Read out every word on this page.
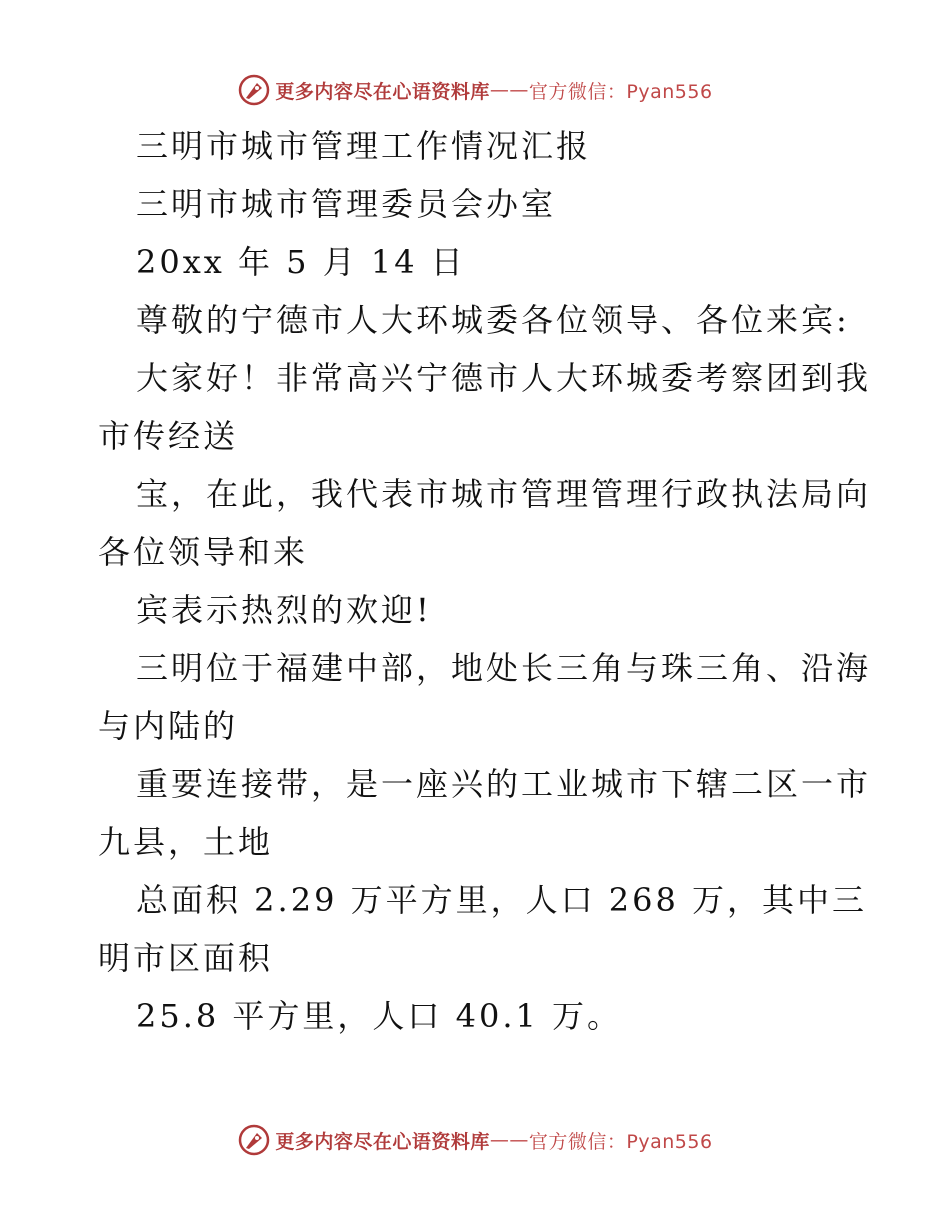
更多内容尽在心语资料库 —— 官方微信：Pyan556
三明市城市管理工作情况汇报
三明市城市管理委员会办室
20xx 年 5 月 14 日
尊敬的宁德市人大环城委各位领导、各位来宾:
大家好！非常高兴宁德市人大环城委考察团到我
市传经送
宝，在此，我代表市城市管理管理行政执法局向
各位领导和来
宾表示热烈的欢迎!
三明位于福建中部，地处长三角与珠三角、沿海
与内陆的
重要连接带，是一座兴的工业城市下辖二区一市
九县，土地
总面积 2.29 万平方里，人口 268 万，其中三
明市区面积
25.8 平方里，人口 40.1 万。
更多内容尽在心语资料库 —— 官方微信：Pyan556
